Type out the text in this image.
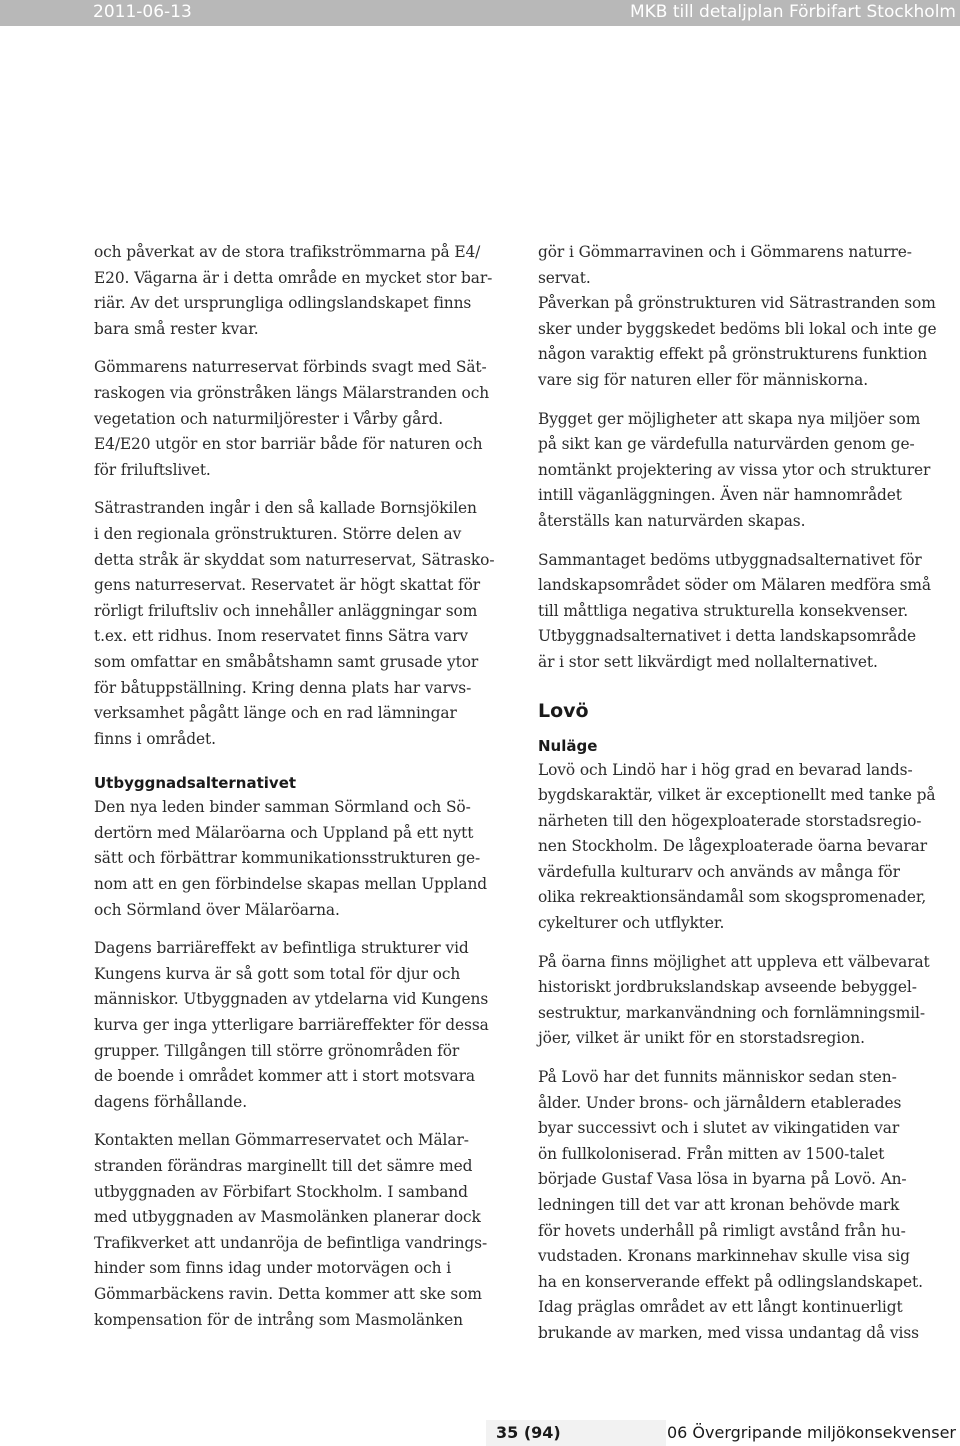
2011-06-13	MKB till detaljplan Förbifart Stockholm

och påverkat av de stora trafikströmmarna på E4/
E20. Vägarna är i detta område en mycket stor bar-
riär. Av det ursprungliga odlingslandskapet finns
bara små rester kvar.

Gömmarens naturreservat förbinds svagt med Sät-
raskogen via grönstråken längs Mälarstranden och
vegetation och naturmiljörester i Vårby gård.
E4/E20 utgör en stor barriär både för naturen och
för friluftslivet.

Sätrastranden ingår i den så kallade Bornsjökilen
i den regionala grönstrukturen. Större delen av
detta stråk är skyddat som naturreservat, Sätrasko-
gens naturreservat. Reservatet är högt skattat för
rörligt friluftsliv och innehåller anläggningar som
t.ex. ett ridhus. Inom reservatet finns Sätra varv
som omfattar en småbåtshamn samt grusade ytor
för båtuppställning. Kring denna plats har varvs-
verksamhet pågått länge och en rad lämningar
finns i området.

Utbyggnadsalternativet

Den nya leden binder samman Sörmland och Sö-
dertörn med Mälaröarna och Uppland på ett nytt
sätt och förbättrar kommunikationsstrukturen ge-
nom att en gen förbindelse skapas mellan Uppland
och Sörmland över Mälaröarna.

Dagens barriäreffekt av befintliga strukturer vid
Kungens kurva är så gott som total för djur och
människor. Utbyggnaden av ytdelarna vid Kungens
kurva ger inga ytterligare barriäreffekter för dessa
grupper. Tillgången till större grönområden för
de boende i området kommer att i stort motsvara
dagens förhållande.

Kontakten mellan Gömmarreservatet och Mälar-
stranden förändras marginellt till det sämre med
utbyggnaden av Förbifart Stockholm. I samband
med utbyggnaden av Masmolänken planerar dock
Trafikverket att undanröja de befintliga vandrings-
hinder som finns idag under motorvägen och i
Gömmarbäckens ravin. Detta kommer att ske som
kompensation för de intrång som Masmolänken

gör i Gömmarravinen och i Gömmarens naturre-
servat.
Påverkan på grönstrukturen vid Sätrastranden som
sker under byggskedet bedöms bli lokal och inte ge
någon varaktig effekt på grönstrukturens funktion
vare sig för naturen eller för människorna.

Bygget ger möjligheter att skapa nya miljöer som
på sikt kan ge värdefulla naturvärden genom ge-
nomtänkt projektering av vissa ytor och strukturer
intill väganläggningen. Även när hamnområdet
återställs kan naturvärden skapas.

Sammantaget bedöms utbyggnadsalternativet för
landskapsområdet söder om Mälaren medföra små
till måttliga negativa strukturella konsekvenser.
Utbyggnadsalternativet i detta landskapsområde
är i stor sett likvärdigt med nollalternativet.

Lovö
Nuläge

Lovö och Lindö har i hög grad en bevarad lands-
bygdskaraktär, vilket är exceptionellt med tanke på
närheten till den högexploaterade storstadsregio-
nen Stockholm. De lågexploaterade öarna bevarar
värdefulla kulturarv och används av många för
olika rekreaktionsändamål som skogspromenader,
cykelturer och utflykter.

På öarna finns möjlighet att uppleva ett välbevarat
historiskt jordbrukslandskap avseende bebyggel-
sestruktur, markanvändning och fornlämningsmil-
jöer, vilket är unikt för en storstadsregion.

På Lovö har det funnits människor sedan sten-
ålder. Under brons- och järnåldern etablerades
byar successivt och i slutet av vikingatiden var
ön fullkoloniserad. Från mitten av 1500-talet
började Gustaf Vasa lösa in byarna på Lovö. An-
ledningen till det var att kronan behövde mark
för hovets underhåll på rimligt avstånd från hu-
vudstaden. Kronans markinnehav skulle visa sig
ha en konserverande effekt på odlingslandskapet.
Idag präglas området av ett långt kontinuerligt
brukande av marken, med vissa undantag då viss

35 (94)	06 Övergripande miljökonsekvenser
